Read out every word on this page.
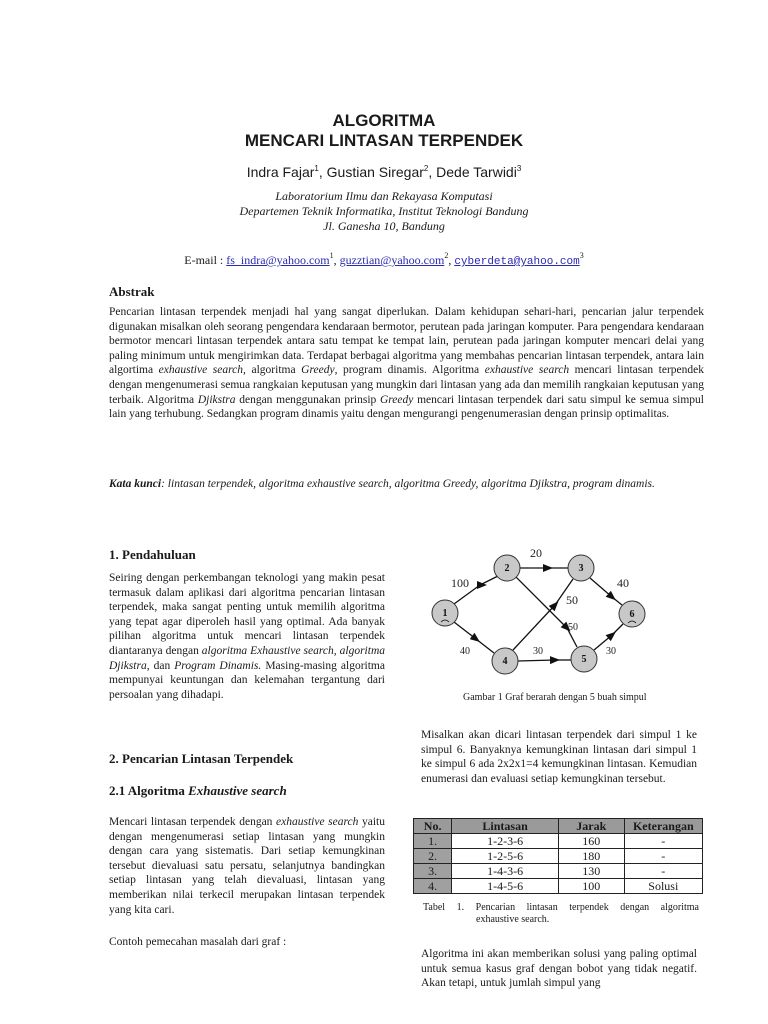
ALGORITMA
MENCARI LINTASAN TERPENDEK
Indra Fajar$^1$, Gustian Siregar$^2$, Dede Tarwidi$^3$
Laboratorium Ilmu dan Rekayasa Komputasi
Departemen Teknik Informatika, Institut Teknologi Bandung
Jl. Ganesha 10, Bandung
E-mail : fs_indra@yahoo.com$^1$, guzztian@yahoo.com$^2$, cyberdeta@yahoo.com$^3$
Abstrak

Pencarian lintasan terpendek menjadi hal yang sangat diperlukan. Dalam kehidupan sehari-hari, pencarian jalur terpendek digunakan misalkan oleh seorang pengendara kendaraan bermotor, perutean pada jaringan komputer. Para pengendara kendaraan bermotor mencari lintasan terpendek antara satu tempat ke tempat lain, perutean pada jaringan komputer mencari delai yang paling minimum untuk mengirimkan data. Terdapat berbagai algoritma yang membahas pencarian lintasan terpendek, antara lain algortima exhaustive search, algoritma Greedy, program dinamis. Algoritma exhaustive search mencari lintasan terpendek dengan mengenumerasi semua rangkaian keputusan yang mungkin dari lintasan yang ada dan memilih rangkaian keputusan yang terbaik. Algoritma Djikstra dengan menggunakan prinsip Greedy mencari lintasan terpendek dari satu simpul ke semua simpul lain yang terhubung. Sedangkan program dinamis yaitu dengan mengurangi pengenumerasian dengan prinsip optimalitas.

Kata kunci: lintasan terpendek, algoritma exhaustive search, algoritma Greedy, algoritma Djikstra, program dinamis.

1. Pendahuluan

Seiring dengan perkembangan teknologi yang makin pesat termasuk dalam aplikasi dari algoritma pencarian lintasan terpendek, maka sangat penting untuk memilih algoritma yang tepat agar diperoleh hasil yang optimal. Ada banyak pilihan algoritma untuk mencari lintasan terpendek diantaranya dengan algoritma Exhaustive search, algoritma Djikstra, dan Program Dinamis. Masing-masing algoritma mempunyai keuntungan dan kelemahan tergantung dari persoalan yang dihadapi.

2. Pencarian Lintasan Terpendek
2.1 Algoritma Exhaustive search

Mencari lintasan terpendek dengan exhaustive search yaitu dengan mengenumerasi setiap lintasan yang mungkin dengan cara yang sistematis. Dari setiap kemungkinan tersebut dievaluasi satu persatu, selanjutnya bandingkan setiap lintasan yang telah dievaluasi, lintasan yang memberikan nilai terkecil merupakan lintasan terpendek yang kita cari.

Contoh pemecahan masalah dari graf :

100
40
20
50
50
30
40
30
1
2	3
4	5
6
Gambar 1 Graf berarah dengan 5 buah simpul

Misalkan akan dicari lintasan terpendek dari simpul 1 ke simpul 6. Banyaknya kemungkinan lintasan dari simpul 1 ke simpul 6 ada 2x2x1=4 kemungkinan lintasan. Kemudian enumerasi dan evaluasi setiap kemungkinan tersebut.

No.	Lintasan	Jarak	Keterangan
1.	1-2-3-6	160	-
2.	1-2-5-6	180	-
3.	1-4-3-6	130	-
4.	1-4-5-6	100	Solusi
Tabel 1. Pencarian lintasan terpendek dengan algoritma
exhaustive search.

Algoritma ini akan memberikan solusi yang paling optimal untuk semua kasus graf dengan bobot yang tidak negatif. Akan tetapi, untuk jumlah simpul yang
